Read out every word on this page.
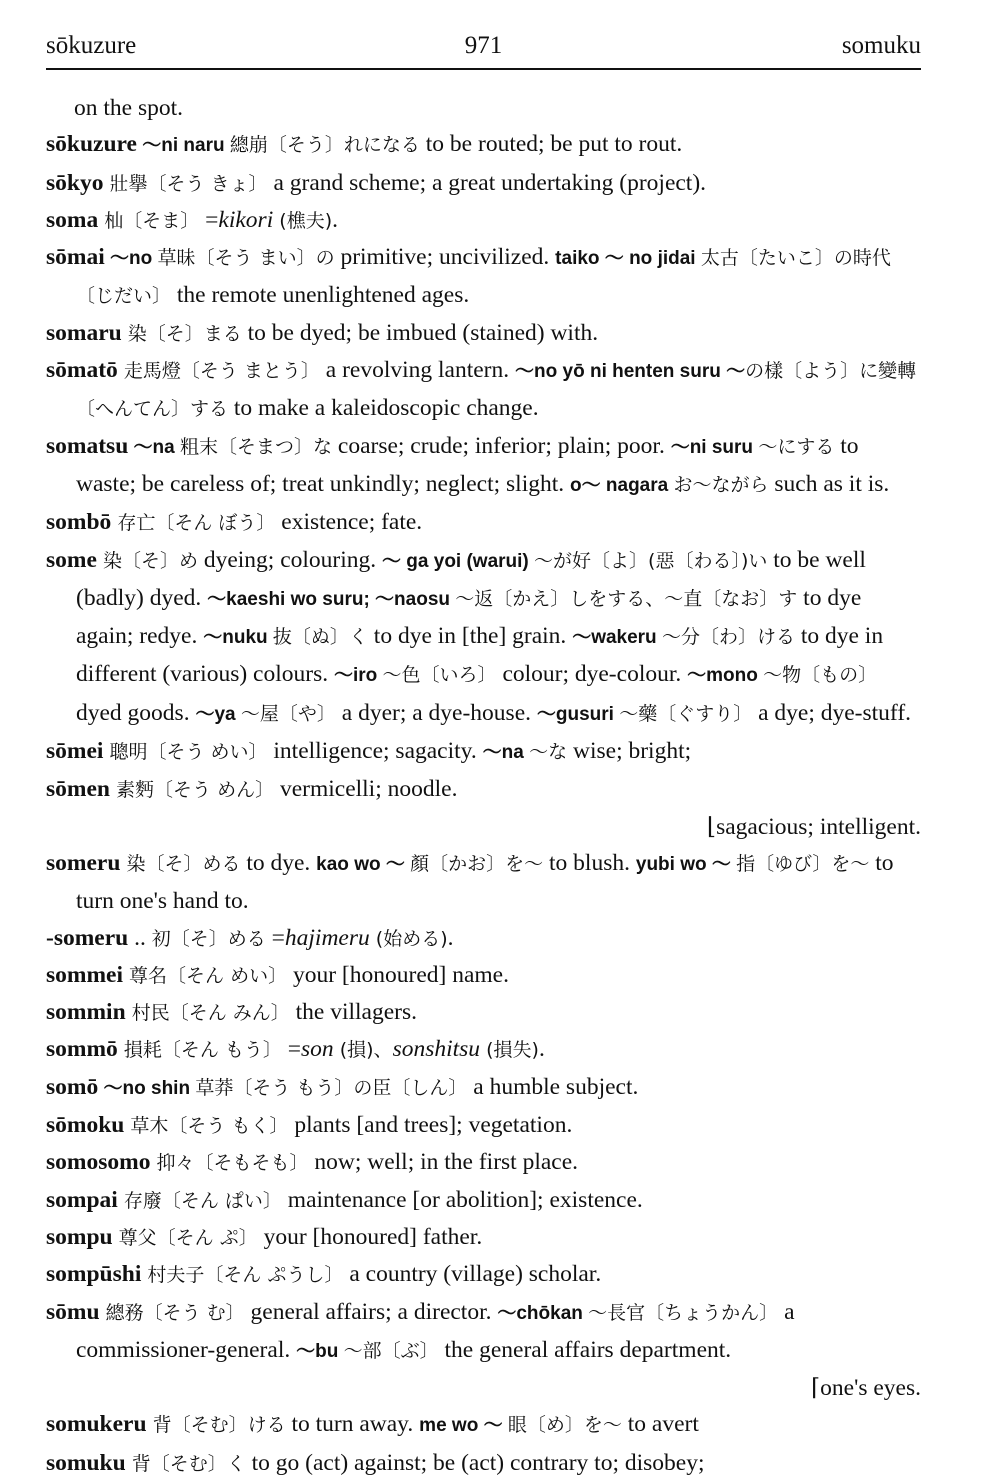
sōkuzure	971	somuku

on the spot.

sōkuzure ～ni naru 總崩〔そう〕れになる to be routed; be put to rout.

sōkyo 壯擧〔そう きょ〕 a grand scheme; a great undertaking (project).

soma 杣〔そま〕 =kikori (樵夫).

sōmai ～no 草昧〔そう まい〕の primitive; uncivilized. taiko ～ no jidai 太古〔たいこ〕の時代〔じだい〕 the remote unenlightened ages.

somaru 染〔そ〕まる to be dyed; be imbued (stained) with.

sōmatō 走馬燈〔そう まとう〕 a revolving lantern. ～no yō ni henten suru ～の樣〔よう〕に變轉〔へんてん〕する to make a kaleidoscopic change.

somatsu ～na 粗末〔そまつ〕な coarse; crude; inferior; plain; poor. ～ni suru ～にする to waste; be careless of; treat unkindly; neglect; slight. o～ nagara お～ながら such as it is.

sombō 存亡〔そん ぼう〕 existence; fate.

some 染〔そ〕め dyeing; colouring. ～ ga yoi (warui) ～が好〔よ〕(惡〔わる〕)い to be well (badly) dyed. ～kaeshi wo suru; ～naosu ～返〔かえ〕しをする、～直〔なお〕す to dye again; redye. ～nuku 抜〔ぬ〕く to dye in [the] grain. ～wakeru ～分〔わ〕ける to dye in different (various) colours. ～iro ～色〔いろ〕 colour; dye-colour. ～mono ～物〔もの〕 dyed goods. ～ya ～屋〔や〕 a dyer; a dye-house. ～gusuri ～藥〔ぐすり〕 a dye; dye-stuff.

sōmei 聰明〔そう めい〕 intelligence; sagacity. ～na ～な wise; bright;

sōmen 素麪〔そう めん〕 vermicelli; noodle.
⌊sagacious; intelligent.

someru 染〔そ〕める to dye. kao wo ～ 顏〔かお〕を～ to blush. yubi wo ～ 指〔ゆび〕を～ to turn one's hand to.

-someru .. 初〔そ〕める =hajimeru (始める).

sommei 尊名〔そん めい〕 your [honoured] name.

sommin 村民〔そん みん〕 the villagers.

sommō 損耗〔そん もう〕 =son (損)、sonshitsu (損失).

somō ～no shin 草莽〔そう もう〕の臣〔しん〕 a humble subject.

sōmoku 草木〔そう もく〕 plants [and trees]; vegetation.

somosomo 抑々〔そもそも〕 now; well; in the first place.

sompai 存廢〔そん ぱい〕 maintenance [or abolition]; existence.

sompu 尊父〔そん ぷ〕 your [honoured] father.

sompūshi 村夫子〔そん ぷうし〕 a country (village) scholar.

sōmu 總務〔そう む〕 general affairs; a director. ～chōkan ～長官〔ちょうかん〕 a commissioner-general. ～bu ～部〔ぶ〕 the general affairs department.
⌈one's eyes.

somukeru 背〔そむ〕ける to turn away. me wo ～ 眼〔め〕を～ to avert

somuku 背〔そむ〕く to go (act) against; be (act) contrary to; disobey;
